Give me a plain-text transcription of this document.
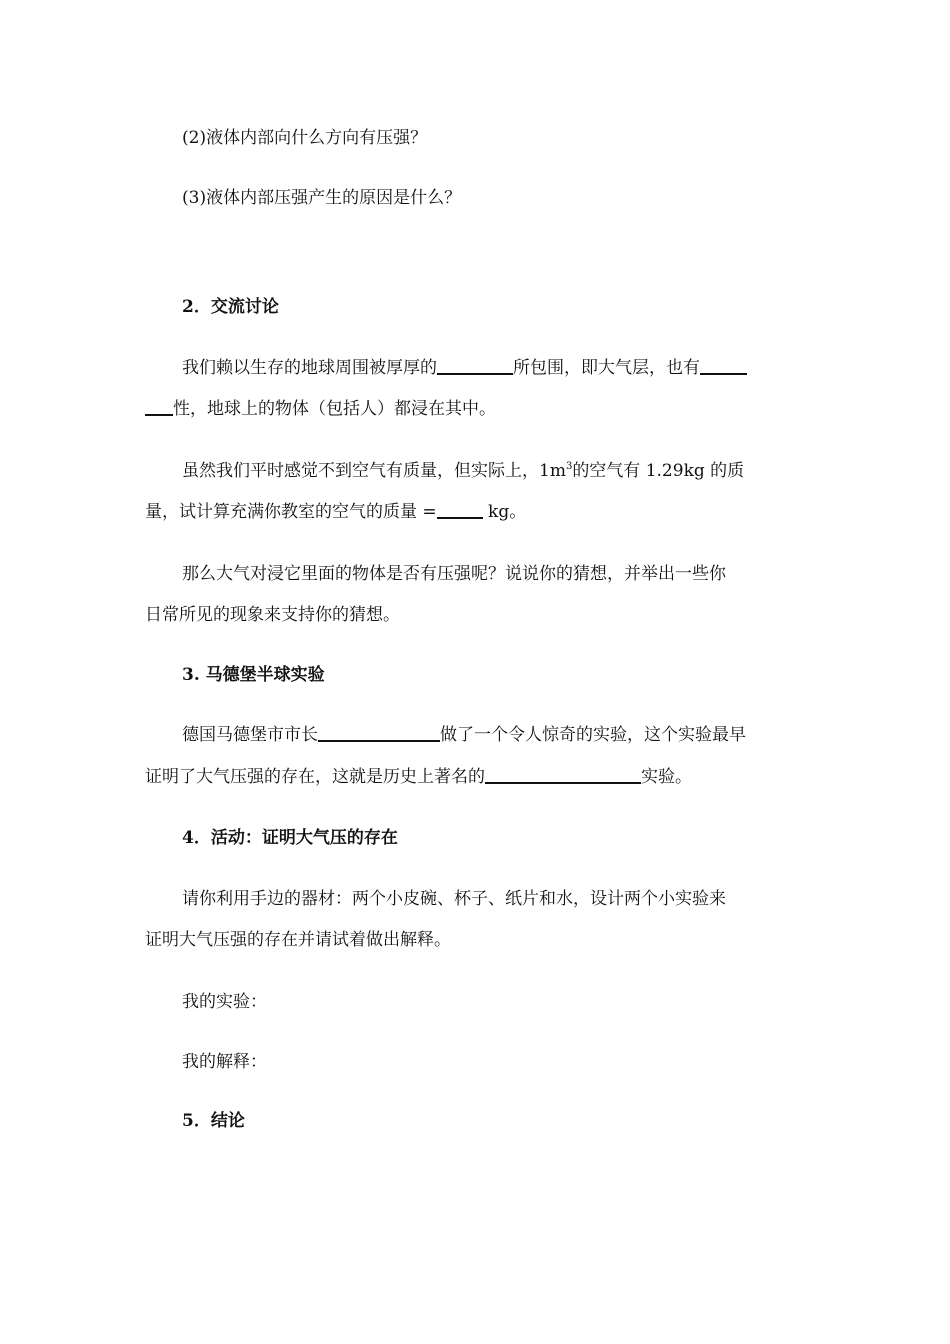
(2)液体内部向什么方向有压强？
(3)液体内部压强产生的原因是什么？
2．交流讨论
我们赖以生存的地球周围被厚厚的	所包围，即大气层，也有
性，地球上的物体（包括人）都浸在其中。
虽然我们平时感觉不到空气有质量，但实际上，$1m^3$的空气有 1.29kg 的质
量，试计算充满你教室的空气的质量 =	kg。
那么大气对浸它里面的物体是否有压强呢？说说你的猜想，并举出一些你
日常所见的现象来支持你的猜想。
3. 马德堡半球实验
德国马德堡市市长	做了一个令人惊奇的实验，这个实验最早
证明了大气压强的存在，这就是历史上著名的	实验。
4．活动：证明大气压的存在
请你利用手边的器材：两个小皮碗、杯子、纸片和水，设计两个小实验来
证明大气压强的存在并请试着做出解释。
我的实验：
我的解释：
5．结论
